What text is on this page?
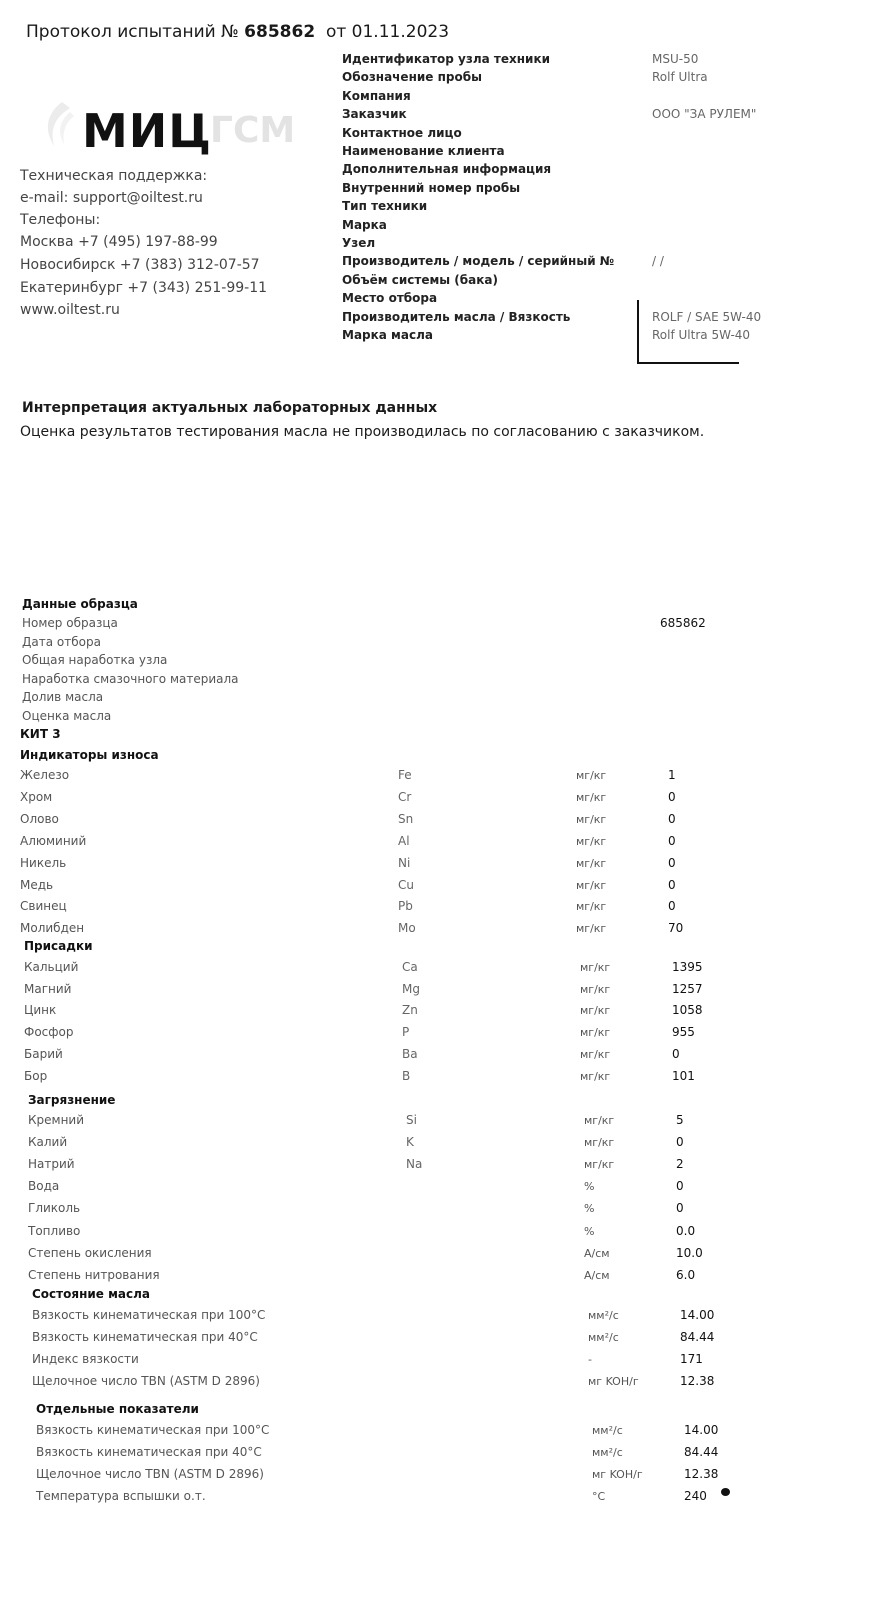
Протокол испытаний № 685862 от 01.11.2023
МИЦ
ГСМ
Техническая поддержка:
e-mail: support@oiltest.ru
Телефоны:
Москва +7 (495) 197-88-99
Новосибирск +7 (383) 312-07-57
Екатеринбург +7 (343) 251-99-11
www.oiltest.ru
Идентификатор узла техники	MSU-50
Обозначение пробы	Rolf Ultra
Компания
Заказчик	ООО "ЗА РУЛЕМ"
Контактное лицо
Наименование клиента
Дополнительная информация
Внутренний номер пробы
Тип техники
Марка
Узел
Производитель / модель / серийный №	/ /
Объём системы (бака)
Место отбора
Производитель масла / Вязкость	ROLF / SAE 5W-40
Марка масла	Rolf Ultra 5W-40
Интерпретация актуальных лабораторных данных
Оценка результатов тестирования масла не производилась по согласованию с заказчиком.
Данные образца
Номер образца	685862
Дата отбора
Общая наработка узла
Наработка смазочного материала
Долив масла
Оценка масла
КИТ 3
Индикаторы износа
Железо	Fe	мг/кг	1
Хром	Cr	мг/кг	0
Олово	Sn	мг/кг	0
Алюминий	Al	мг/кг	0
Никель	Ni	мг/кг	0
Медь	Cu	мг/кг	0
Свинец	Pb	мг/кг	0
Молибден	Mo	мг/кг	70
Присадки
Кальций	Ca	мг/кг	1395
Магний	Mg	мг/кг	1257
Цинк	Zn	мг/кг	1058
Фосфор	P	мг/кг	955
Барий	Ba	мг/кг	0
Бор	B	мг/кг	101
Загрязнение
Кремний	Si	мг/кг	5
Калий	K	мг/кг	0
Натрий	Na	мг/кг	2
Вода	%	0
Гликоль	%	0
Топливо	%	0.0
Степень окисления	А/см	10.0
Степень нитрования	А/см	6.0
Состояние масла
Вязкость кинематическая при 100°C	мм²/с	14.00
Вязкость кинематическая при 40°C	мм²/с	84.44
Индекс вязкости	-	171
Щелочное число TBN (ASTM D 2896)	мг KOH/г	12.38
Отдельные показатели
Вязкость кинематическая при 100°C	мм²/с	14.00
Вязкость кинематическая при 40°C	мм²/с	84.44
Щелочное число TBN (ASTM D 2896)	мг KOH/г	12.38
Температура вспышки о.т.	°C	240
